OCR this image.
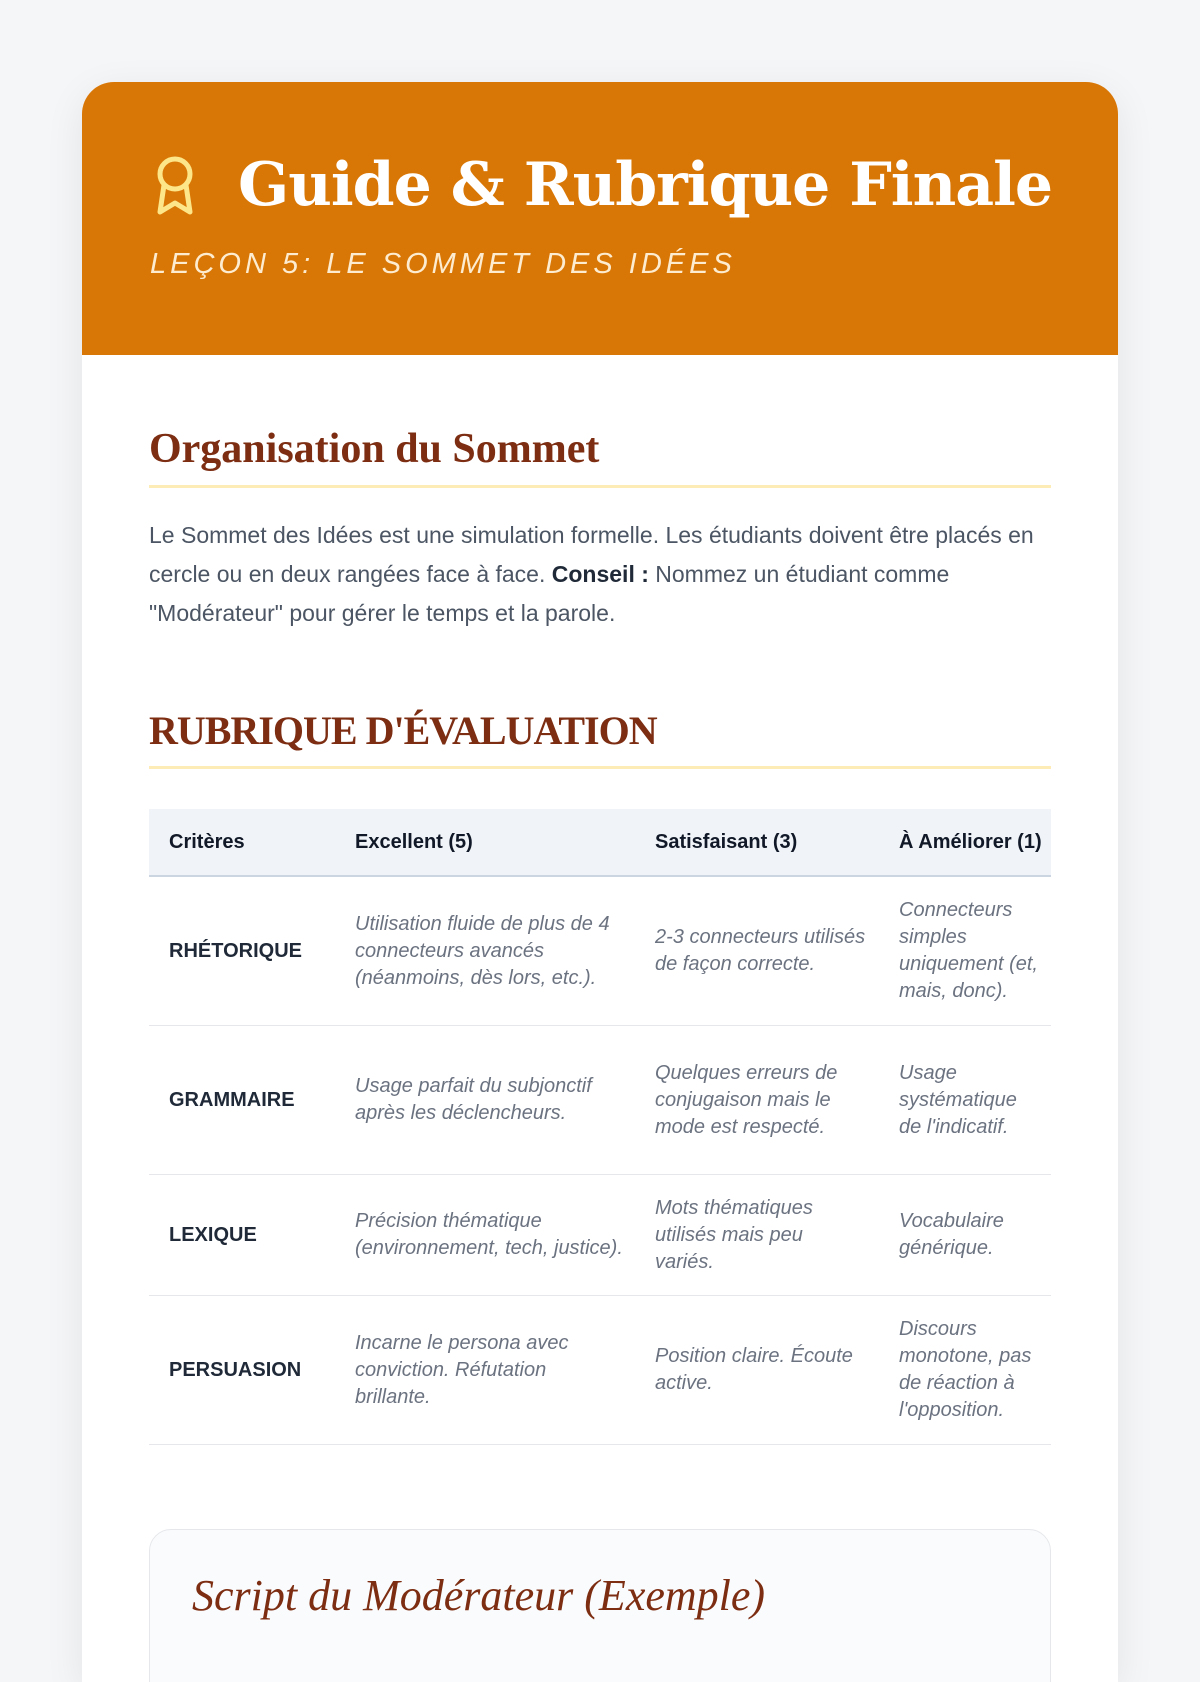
Guide & Rubrique Finale
LEÇON 5: LE SOMMET DES IDÉES
Organisation du Sommet

Le Sommet des Idées est une simulation formelle. Les étudiants doivent être placés en cercle ou en deux rangées face à face. Conseil : Nommez un étudiant comme "Modérateur" pour gérer le temps et la parole.

RUBRIQUE D'ÉVALUATION
Critères	Excellent (5)	Satisfaisant (3)	À Améliorer (1)
RHÉTORIQUE	Utilisation fluide de plus de 4 connecteurs avancés (néanmoins, dès lors, etc.).	2-3 connecteurs utilisés de façon correcte.	Connecteurs simples uniquement (et, mais, donc).
GRAMMAIRE	Usage parfait du subjonctif après les déclencheurs.	Quelques erreurs de conjugaison mais le mode est respecté.	Usage systématique de l'indicatif.
LEXIQUE	Précision thématique (environnement, tech, justice).	Mots thématiques utilisés mais peu variés.	Vocabulaire générique.
PERSUASION	Incarne le persona avec conviction. Réfutation brillante.	Position claire. Écoute active.	Discours monotone, pas de réaction à l'opposition.
Script du Modérateur (Exemple)
